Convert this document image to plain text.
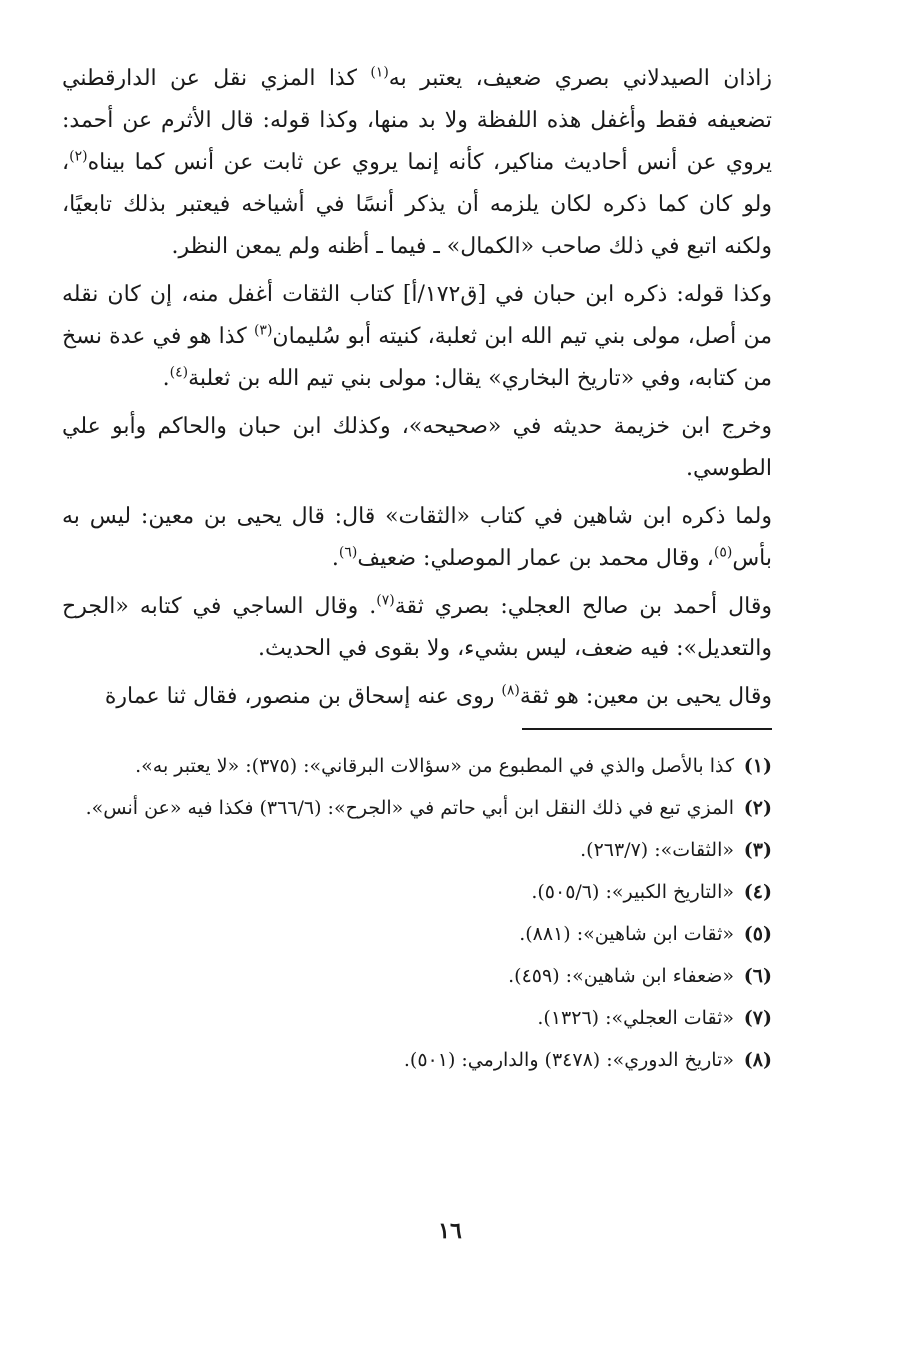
زاذان الصيدلاني بصري ضعيف، يعتبر به$^{(١)}$ كذا المزي نقل عن الدارقطني تضعيفه فقط وأغفل هذه اللفظة ولا بد منها، وكذا قوله: قال الأثرم عن أحمد: يروي عن أنس أحاديث مناكير، كأنه إنما يروي عن ثابت عن أنس كما بيناه$^{(٢)}$، ولو كان كما ذكره لكان يلزمه أن يذكر أنسًا في أشياخه فيعتبر بذلك تابعيًا، ولكنه اتبع في ذلك صاحب «الكمال» ـ فيما ـ أظنه ولم يمعن النظر.

وكذا قوله: ذكره ابن حبان في [ق١٧٢/أ] كتاب الثقات أغفل منه، إن كان نقله من أصل، مولى بني تيم الله ابن ثعلبة، كنيته أبو سُليمان$^{(٣)}$ كذا هو في عدة نسخ من كتابه، وفي «تاريخ البخاري» يقال: مولى بني تيم الله بن ثعلبة$^{(٤)}$.

وخرج ابن خزيمة حديثه في «صحيحه»، وكذلك ابن حبان والحاكم وأبو علي الطوسي.

ولما ذكره ابن شاهين في كتاب «الثقات» قال: قال يحيى بن معين: ليس به بأس$^{(٥)}$، وقال محمد بن عمار الموصلي: ضعيف$^{(٦)}$.

وقال أحمد بن صالح العجلي: بصري ثقة$^{(٧)}$. وقال الساجي في كتابه «الجرح والتعديل»: فيه ضعف، ليس بشيء، ولا بقوى في الحديث.

وقال يحيى بن معين: هو ثقة$^{(٨)}$ روى عنه إسحاق بن منصور، فقال ثنا عمارة

(١)
كذا بالأصل والذي في المطبوع من «سؤالات البرقاني»: (٣٧٥): «لا يعتبر به».
(٢)
المزي تبع في ذلك النقل ابن أبي حاتم في «الجرح»: (٣٦٦/٦) فكذا فيه «عن أنس».
(٣)
«الثقات»: (٢٦٣/٧).
(٤)
«التاريخ الكبير»: (٥٠٥/٦).
(٥)
«ثقات ابن شاهين»: (٨٨١).
(٦)
«ضعفاء ابن شاهين»: (٤٥٩).
(٧)
«ثقات العجلي»: (١٣٢٦).
(٨)
«تاريخ الدوري»: (٣٤٧٨) والدارمي: (٥٠١).
١٦
